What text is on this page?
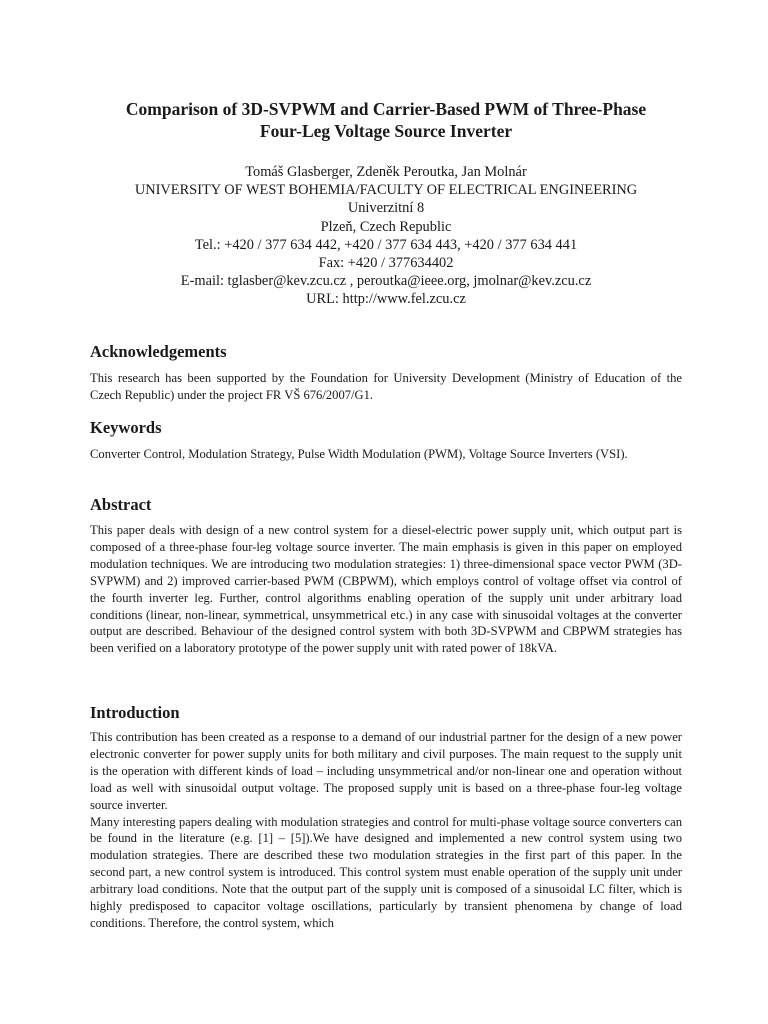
Comparison of 3D-SVPWM and Carrier-Based PWM of Three-Phase
Four-Leg Voltage Source Inverter
Tomáš Glasberger, Zdeněk Peroutka, Jan Molnár
UNIVERSITY OF WEST BOHEMIA/FACULTY OF ELECTRICAL ENGINEERING
Univerzitní 8
Plzeň, Czech Republic
Tel.: +420 / 377 634 442, +420 / 377 634 443, +420 / 377 634 441
Fax: +420 / 377634402
E-mail: tglasber@kev.zcu.cz , peroutka@ieee.org, jmolnar@kev.zcu.cz
URL: http://www.fel.zcu.cz
Acknowledgements

This research has been supported by the Foundation for University Development (Ministry of Education of the Czech Republic) under the project FR VŠ 676/2007/G1.

Keywords

Converter Control, Modulation Strategy, Pulse Width Modulation (PWM), Voltage Source Inverters (VSI).

Abstract

This paper deals with design of a new control system for a diesel-electric power supply unit, which output part is composed of a three-phase four-leg voltage source inverter. The main emphasis is given in this paper on employed modulation techniques. We are introducing two modulation strategies: 1) three-dimensional space vector PWM (3D-SVPWM) and 2) improved carrier-based PWM (CBPWM), which employs control of voltage offset via control of the fourth inverter leg. Further, control algorithms enabling operation of the supply unit under arbitrary load conditions (linear, non-linear, symmetrical, unsymmetrical etc.) in any case with sinusoidal voltages at the converter output are described. Behaviour of the designed control system with both 3D-SVPWM and CBPWM strategies has been verified on a laboratory prototype of the power supply unit with rated power of 18kVA.

Introduction

This contribution has been created as a response to a demand of our industrial partner for the design of a new power electronic converter for power supply units for both military and civil purposes. The main request to the supply unit is the operation with different kinds of load – including unsymmetrical and/or non-linear one and operation without load as well with sinusoidal output voltage. The proposed supply unit is based on a three-phase four-leg voltage source inverter.

Many interesting papers dealing with modulation strategies and control for multi-phase voltage source converters can be found in the literature (e.g. [1] – [5]).We have designed and implemented a new control system using two modulation strategies. There are described these two modulation strategies in the first part of this paper. In the second part, a new control system is introduced. This control system must enable operation of the supply unit under arbitrary load conditions. Note that the output part of the supply unit is composed of a sinusoidal LC filter, which is highly predisposed to capacitor voltage oscillations, particularly by transient phenomena by change of load conditions. Therefore, the control system, which
